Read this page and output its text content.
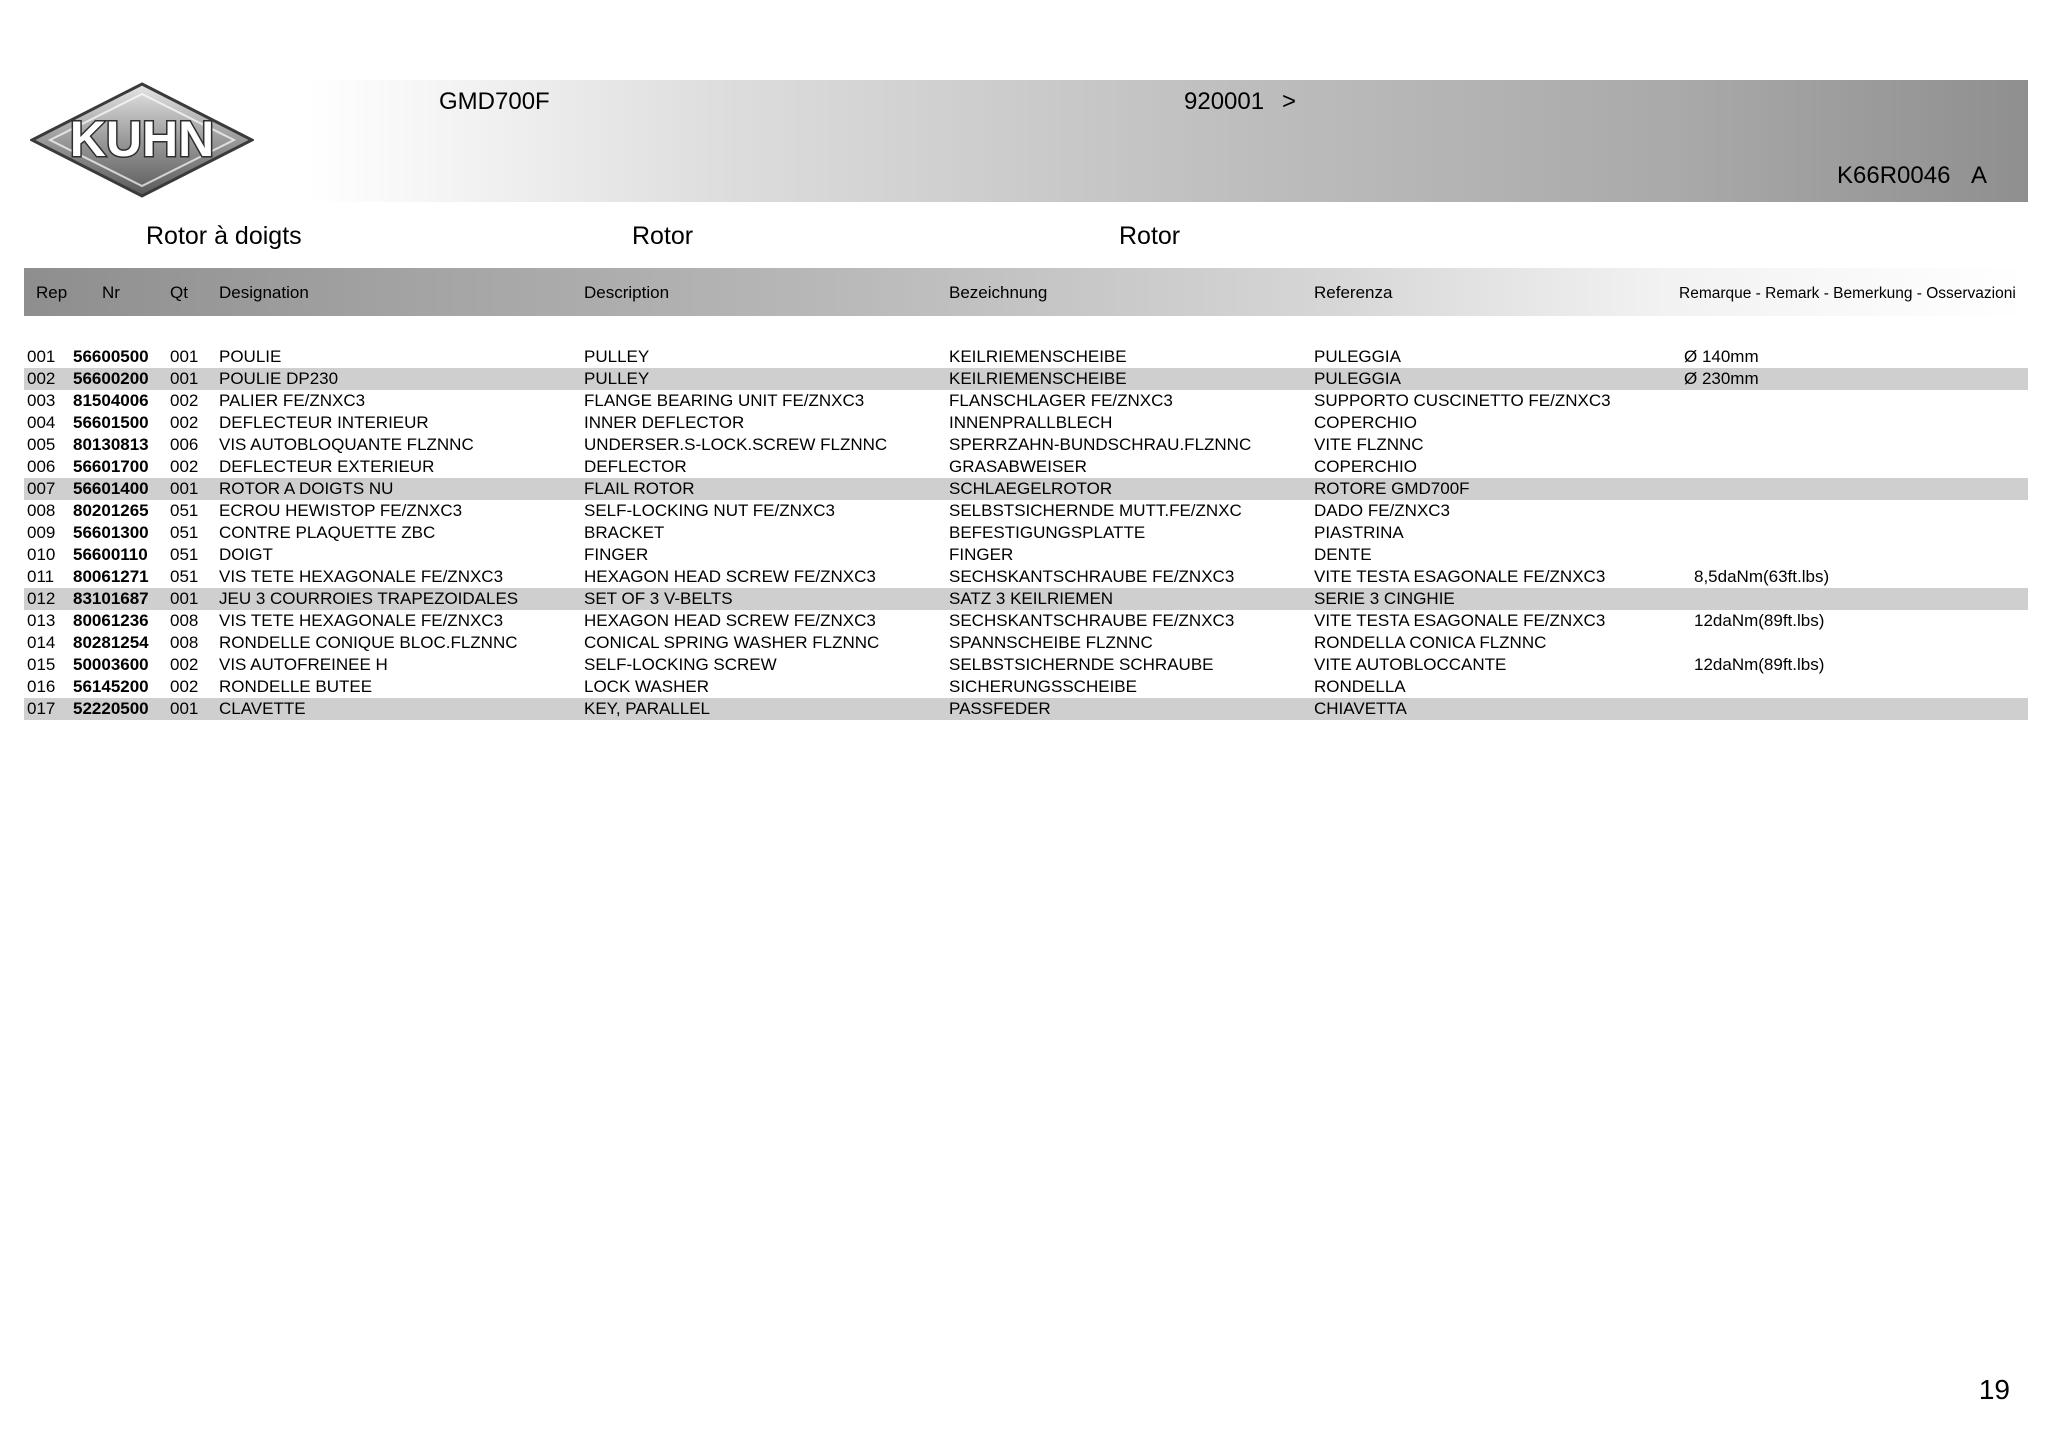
KUHN
GMD700F	920001 >
K66R0046 A
Rotor à doigts	Rotor	Rotor
Rep Nr	Qt Designation	Description	Bezeichnung	Referenza	Remarque - Remark - Bemerkung - Osservazioni
001 56600500 001 POULIE	PULLEY	KEILRIEMENSCHEIBE	PULEGGIA	Ø 140mm
002 56600200 001 POULIE DP230	PULLEY	KEILRIEMENSCHEIBE	PULEGGIA	Ø 230mm
003 81504006 002 PALIER FE/ZNXC3	FLANGE BEARING UNIT FE/ZNXC3	FLANSCHLAGER FE/ZNXC3	SUPPORTO CUSCINETTO FE/ZNXC3
004 56601500 002 DEFLECTEUR INTERIEUR	INNER DEFLECTOR	INNENPRALLBLECH	COPERCHIO
005 80130813 006 VIS AUTOBLOQUANTE FLZNNC	UNDERSER.S-LOCK.SCREW FLZNNC	SPERRZAHN-BUNDSCHRAU.FLZNNC	VITE FLZNNC
006 56601700 002 DEFLECTEUR EXTERIEUR	DEFLECTOR	GRASABWEISER	COPERCHIO
007 56601400 001 ROTOR A DOIGTS NU	FLAIL ROTOR	SCHLAEGELROTOR	ROTORE GMD700F
008 80201265 051 ECROU HEWISTOP FE/ZNXC3	SELF-LOCKING NUT FE/ZNXC3	SELBSTSICHERNDE MUTT.FE/ZNXC	DADO FE/ZNXC3
009 56601300 051 CONTRE PLAQUETTE ZBC	BRACKET	BEFESTIGUNGSPLATTE	PIASTRINA
010 56600110 051 DOIGT	FINGER	FINGER	DENTE
011 80061271 051 VIS TETE HEXAGONALE FE/ZNXC3	HEXAGON HEAD SCREW FE/ZNXC3	SECHSKANTSCHRAUBE FE/ZNXC3	VITE TESTA ESAGONALE FE/ZNXC3	8,5daNm(63ft.lbs)
012 83101687 001 JEU 3 COURROIES TRAPEZOIDALES	SET OF 3 V-BELTS	SATZ 3 KEILRIEMEN	SERIE 3 CINGHIE
013 80061236 008 VIS TETE HEXAGONALE FE/ZNXC3	HEXAGON HEAD SCREW FE/ZNXC3	SECHSKANTSCHRAUBE FE/ZNXC3	VITE TESTA ESAGONALE FE/ZNXC3	12daNm(89ft.lbs)
014 80281254 008 RONDELLE CONIQUE BLOC.FLZNNC	CONICAL SPRING WASHER FLZNNC	SPANNSCHEIBE FLZNNC	RONDELLA CONICA FLZNNC
015 50003600 002 VIS AUTOFREINEE H	SELF-LOCKING SCREW	SELBSTSICHERNDE SCHRAUBE	VITE AUTOBLOCCANTE	12daNm(89ft.lbs)
016 56145200 002 RONDELLE BUTEE	LOCK WASHER	SICHERUNGSSCHEIBE	RONDELLA
017 52220500 001 CLAVETTE	KEY, PARALLEL	PASSFEDER	CHIAVETTA
19
